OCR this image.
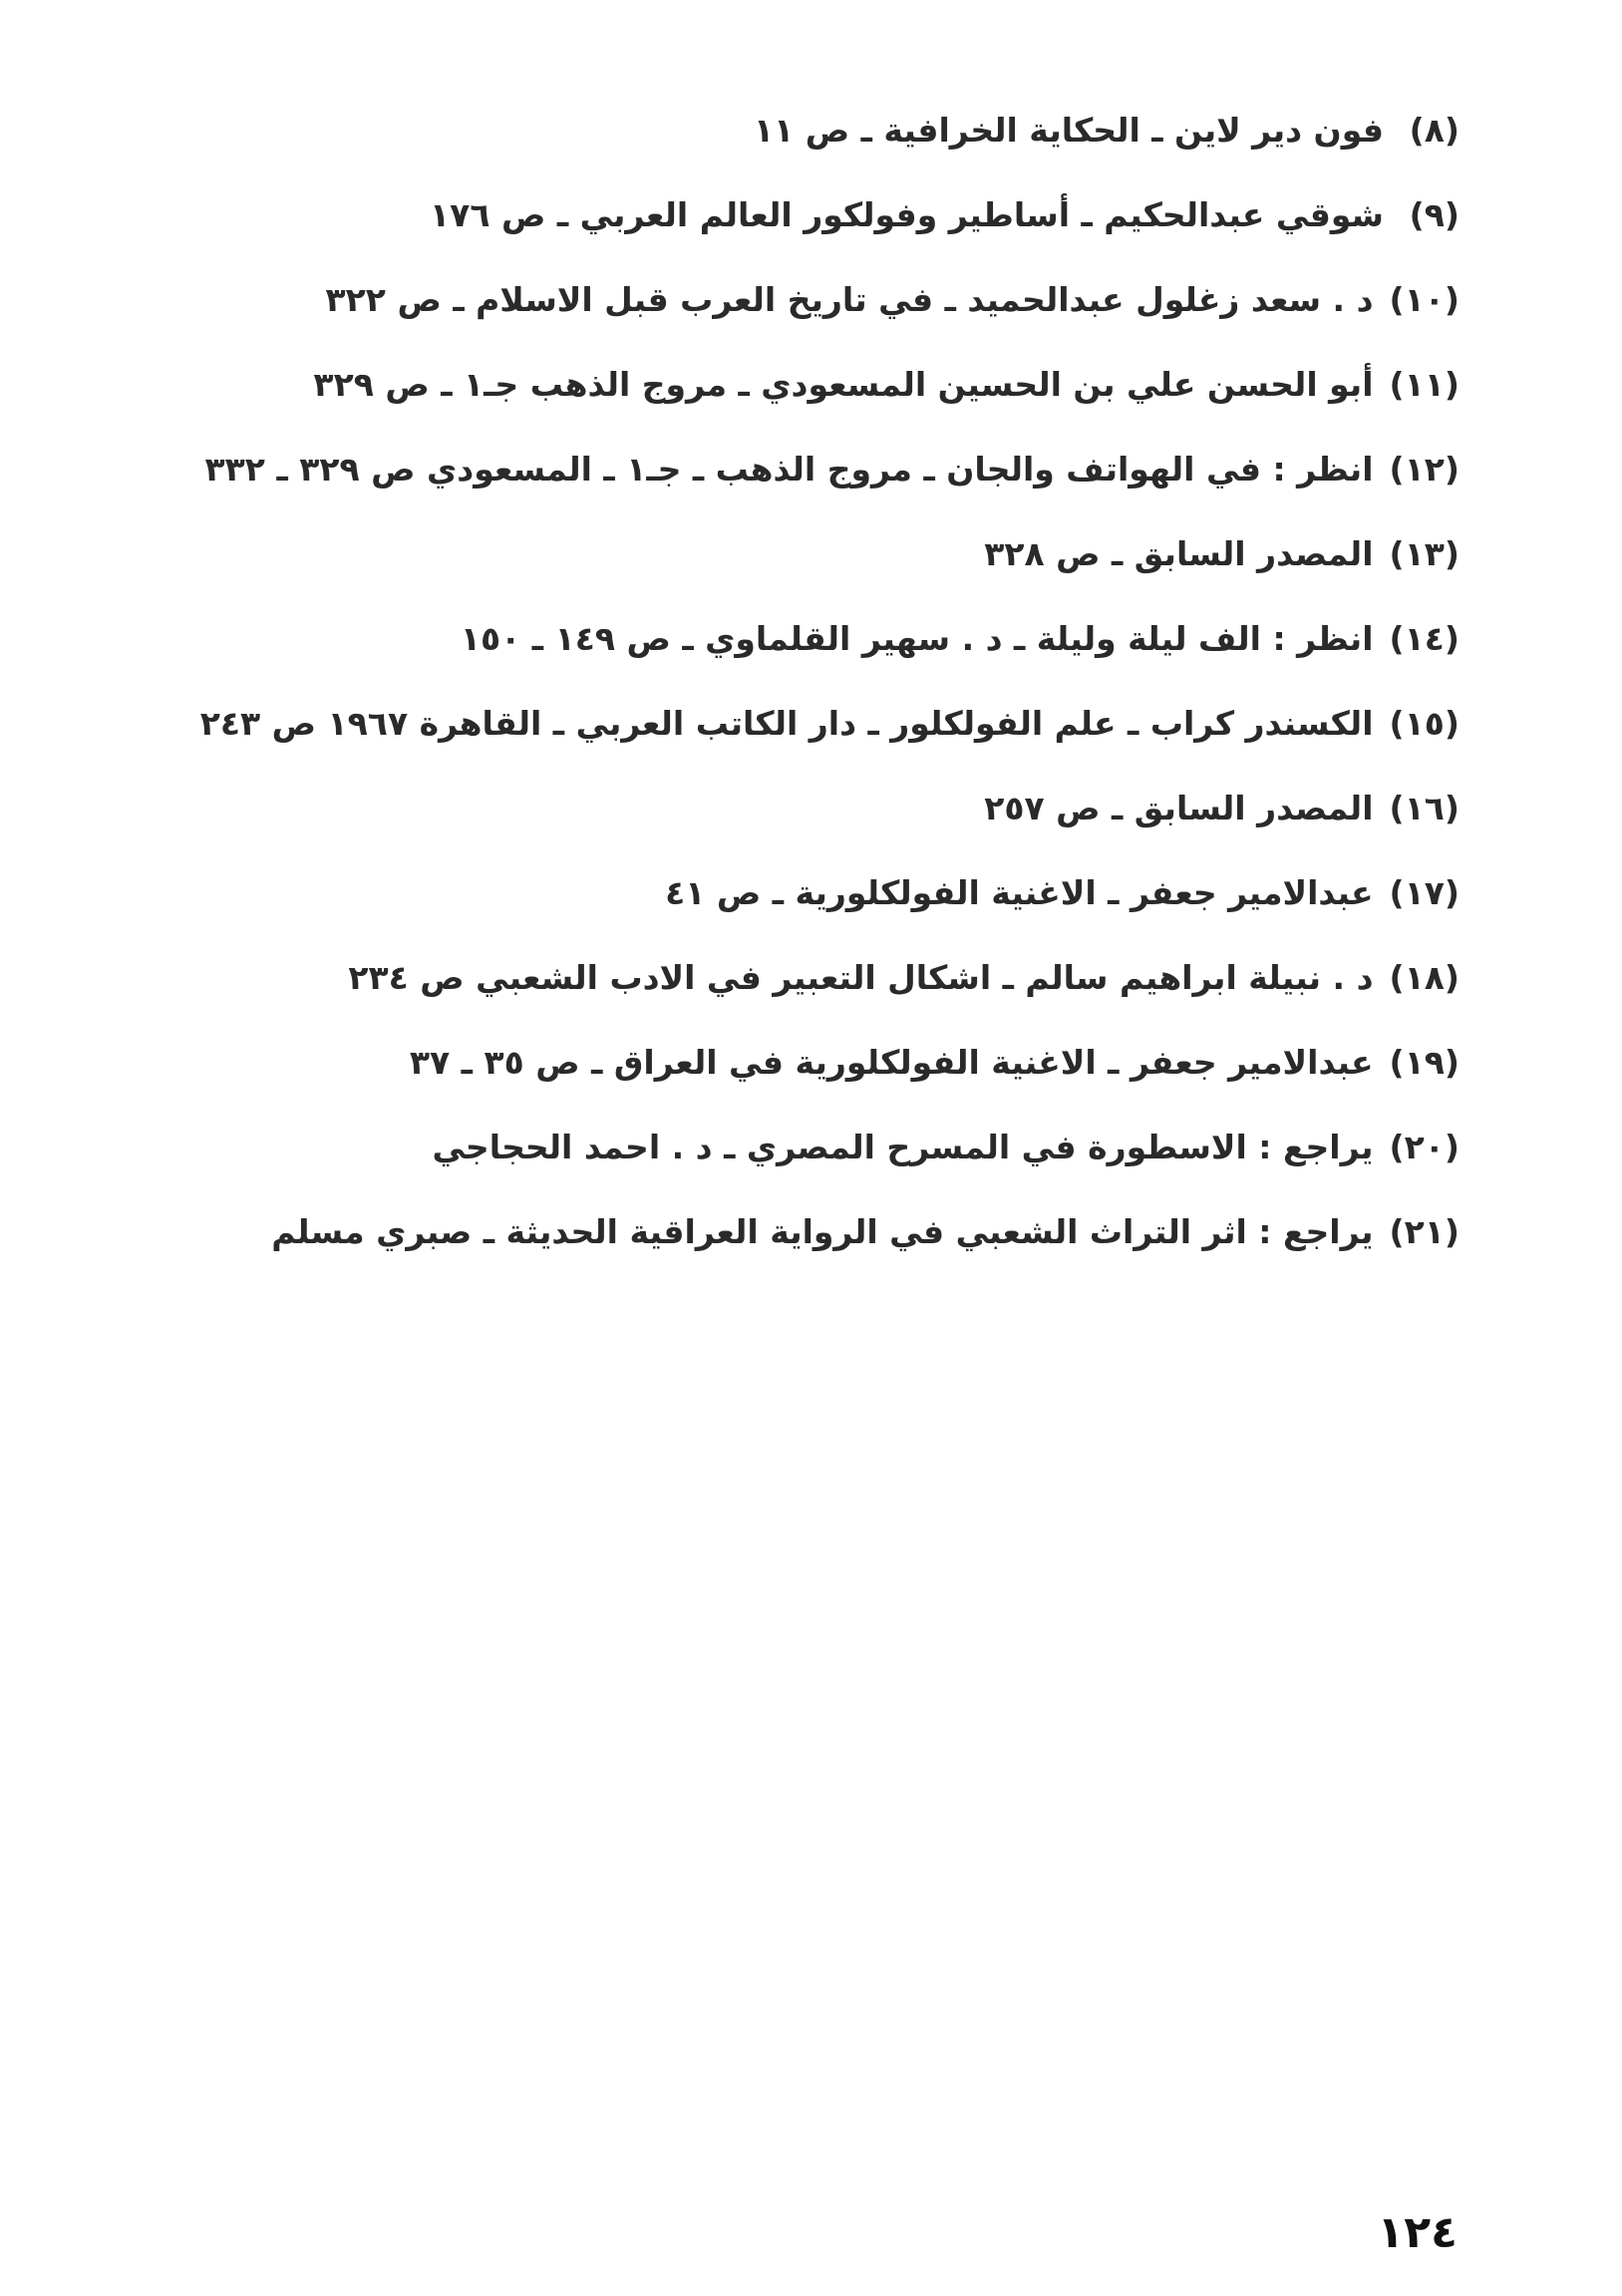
(٨)
فون دير لاين ـ الحكاية الخرافية ـ ص ١١
(٩)
شوقي عبدالحكيم ـ أساطير وفولكور العالم العربي ـ ص ١٧٦
(١٠)
د . سعد زغلول عبدالحميد ـ في تاريخ العرب قبل الاسلام ـ ص ٣٢٢
(١١)
أبو الحسن علي بن الحسين المسعودي ـ مروج الذهب جـ١ ـ ص ٣٢٩
(١٢)
انظر : في الهواتف والجان ـ مروج الذهب ـ جـ١ ـ المسعودي ص ٣٢٩ ـ ٣٣٢
(١٣)
المصدر السابق ـ ص ٣٢٨
(١٤)
انظر : الف ليلة وليلة ـ د . سهير القلماوي ـ ص ١٤٩ ـ ١٥٠
(١٥)
الكسندر كراب ـ علم الفولكلور ـ دار الكاتب العربي ـ القاهرة ١٩٦٧ ص ٢٤٣
(١٦)
المصدر السابق ـ ص ٢٥٧
(١٧)
عبدالامير جعفر ـ الاغنية الفولكلورية ـ ص ٤١
(١٨)
د . نبيلة ابراهيم سالم ـ اشكال التعبير في الادب الشعبي ص ٢٣٤
(١٩)
عبدالامير جعفر ـ الاغنية الفولكلورية في العراق ـ ص ٣٥ ـ ٣٧
(٢٠)
يراجع : الاسطورة في المسرح المصري ـ د . احمد الحجاجي
(٢١)
يراجع : اثر التراث الشعبي في الرواية العراقية الحديثة ـ صبري مسلم
١٢٤
